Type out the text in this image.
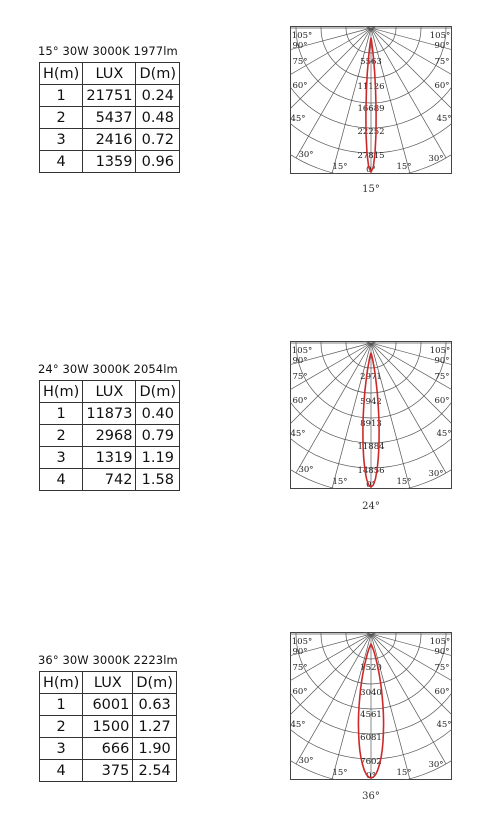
15° 30W 3000K 1977lm
H(m)	LUX	D(m)
1	21751	0.24
2	5437	0.48
3	2416	0.72
4	1359	0.96
105°	105°
90°	90°
75°	75°
60°	60°
45°	45°
30°	30°
15°	15°
0°
5563
11126
16689
22252
27815
15°
24° 30W 3000K 2054lm
H(m)	LUX	D(m)
1	11873	0.40
2	2968	0.79
3	1319	1.19
4	742	1.58
105°	105°
90°	90°
75°	75°
60°	60°
45°	45°
30°	30°
15°	15°
0°
2971
5942
8913
11884
14856
24°
36° 30W 3000K 2223lm
H(m)	LUX	D(m)
1	6001	0.63
2	1500	1.27
3	666	1.90
4	375	2.54
105°	105°
90°	90°
75°	75°
60°	60°
45°	45°
30°	30°
15°	15°
0°
1520
3040
4561
6081
7602
36°
